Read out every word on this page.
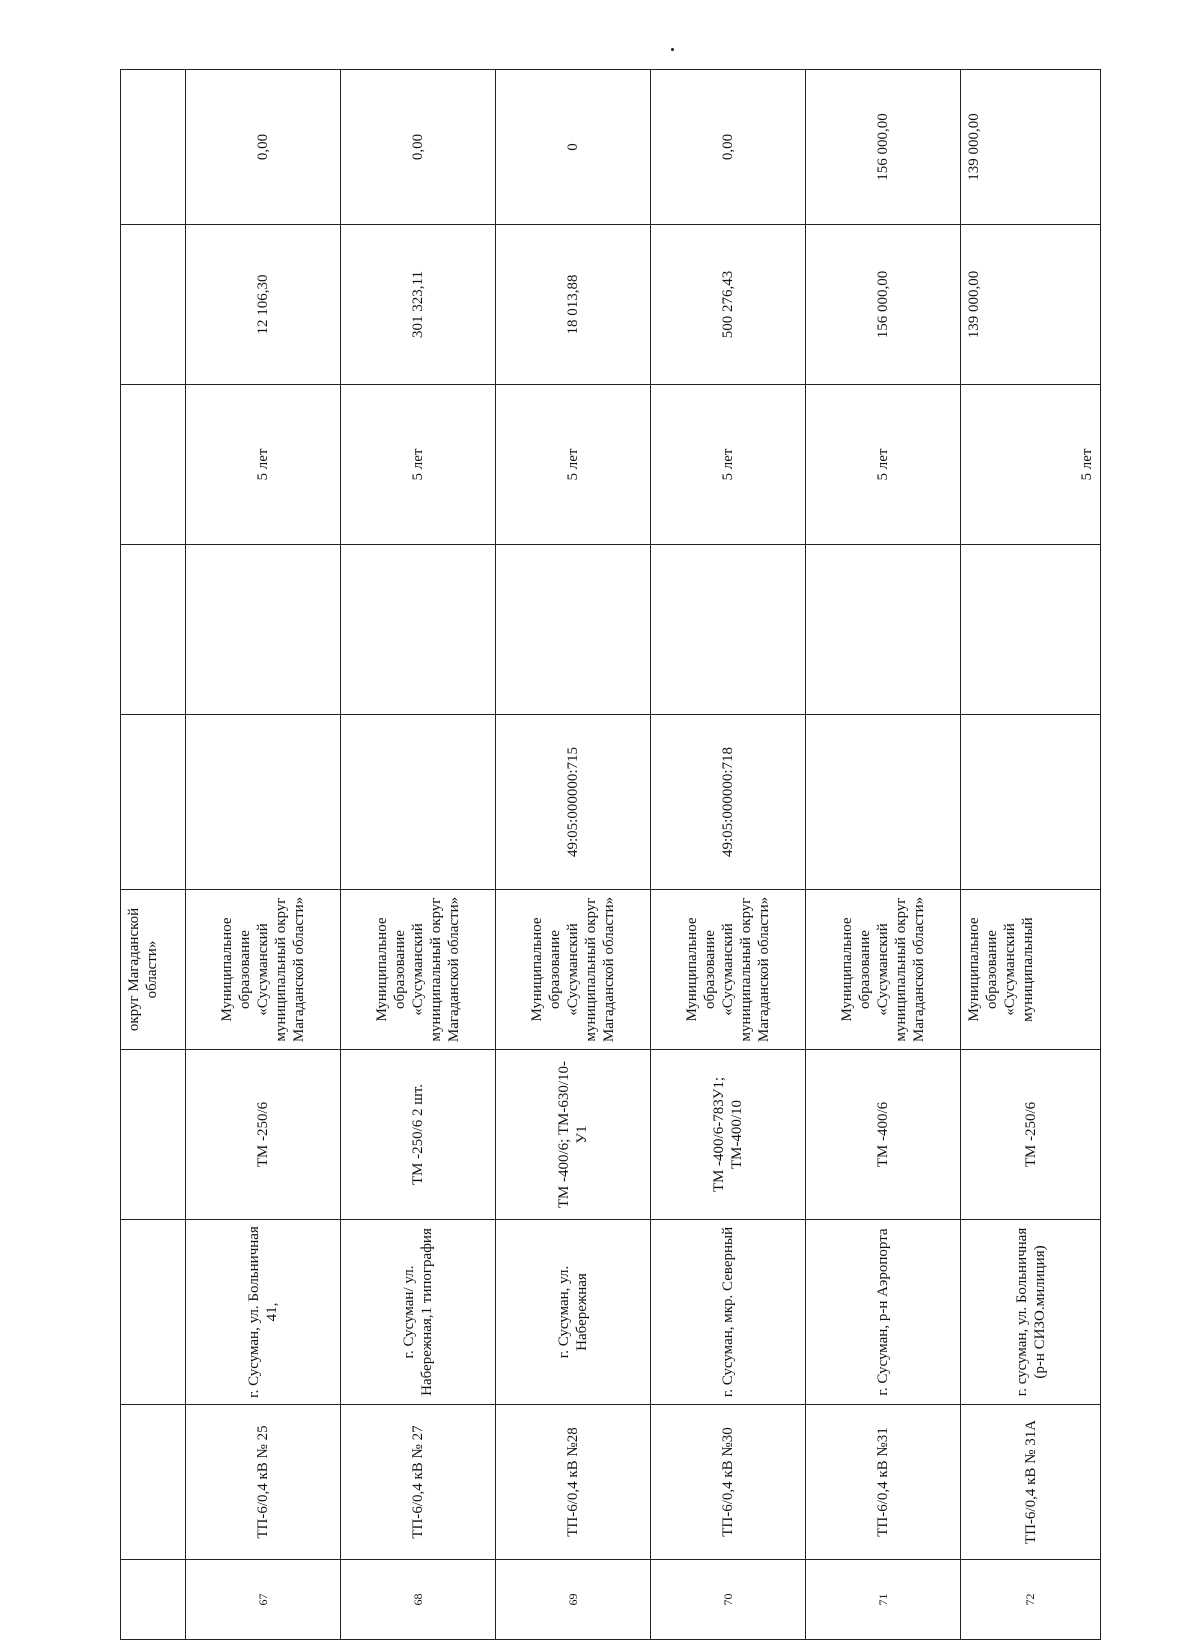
				округ Магаданской области»					
67	ТП-6/0,4 кВ № 25	г. Сусуман, ул. Больничная 41,	ТМ -250/6	Муниципальное образование «Сусуманский муниципальный округ Магаданской области»			5 лет	12 106,30	0,00
68	ТП-6/0,4 кВ № 27	г. Сусуман/ ул. Набережная,1 типография	ТМ -250/6 2 шт.	Муниципальное образование «Сусуманский муниципальный округ Магаданской области»			5 лет	301 323,11	0,00
69	ТП-6/0,4 кВ №28	г. Сусуман, ул. Набережная	ТМ -400/6; ТМ-630/10-У1	Муниципальное образование «Сусуманский муниципальный округ Магаданской области»	49:05:000000:715		5 лет	18 013,88	0
70	ТП-6/0,4 кВ №30	г. Сусуман, мкр. Северный	ТМ -400/6-783У1; ТМ-400/10	Муниципальное образование «Сусуманский муниципальный округ Магаданской области»	49:05:000000:718		5 лет	500 276,43	0,00
71	ТП-6/0,4 кВ №31	г. Сусуман, р-н Аэропорта	ТМ -400/6	Муниципальное образование «Сусуманский муниципальный округ Магаданской области»			5 лет	156 000,00	156 000,00
72	ТП-6/0,4 кВ № 31А	г. сусуман, ул. Больничная (р-н СИЗО.милиция)	ТМ -250/6	Муниципальное образование «Сусуманский муниципальный			5 лет	139 000,00	139 000,00
